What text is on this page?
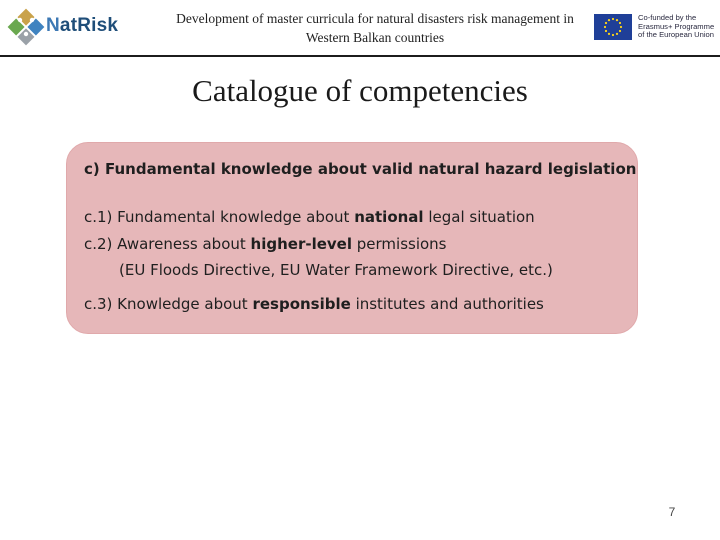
NatRisk	Development of master curricula for natural disasters risk management in
Western Balkan countries
Co-funded by the
Erasmus+ Programme
of the European Union
Catalogue of competencies
c) Fundamental knowledge about valid natural hazard legislation
c.1) Fundamental knowledge about national legal situation
c.2) Awareness about higher-level permissions
(EU Floods Directive, EU Water Framework Directive, etc.)
c.3) Knowledge about responsible institutes and authorities
7
